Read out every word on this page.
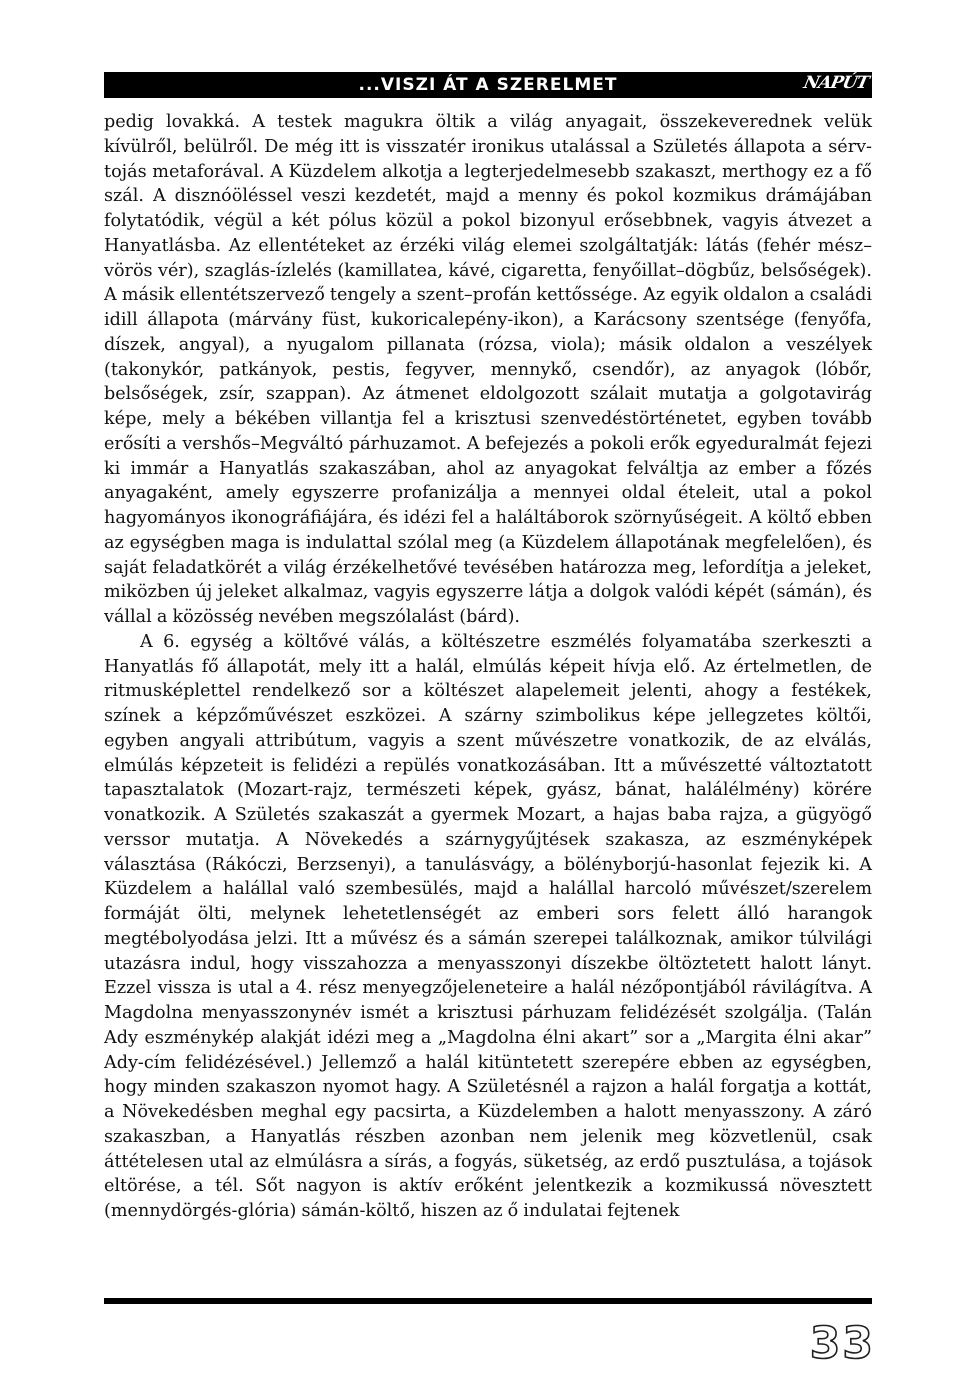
...VISZI ÁT A SZERELMET	NAPÚT

pedig lovakká. A testek magukra öltik a világ anyagait, összekeverednek velük kívülről, belülről. De még itt is visszatér ironikus utalással a Születés állapota a sérv-tojás metaforával. A Küzdelem alkotja a legterjedelmesebb szakaszt, merthogy ez a fő szál. A disznóöléssel veszi kezdetét, majd a menny és pokol kozmikus drámájában folytatódik, végül a két pólus közül a pokol bizonyul erősebbnek, vagyis átvezet a Hanyatlásba. Az ellentéteket az érzéki világ elemei szolgáltatják: látás (fehér mész–vörös vér), szaglás-ízlelés (kamillatea, kávé, cigaretta, fenyőillat–dögbűz, belsőségek). A másik ellentétszervező tengely a szent–profán kettőssége. Az egyik oldalon a családi idill állapota (márvány füst, kukoricalepény-ikon), a Karácsony szentsége (fenyőfa, díszek, angyal), a nyugalom pillanata (rózsa, viola); másik oldalon a veszélyek (takonykór, patkányok, pestis, fegyver, mennykő, csendőr), az anyagok (lóbőr, belsőségek, zsír, szappan). Az átmenet eldolgozott szálait mutatja a golgotavirág képe, mely a békében villantja fel a krisztusi szenvedéstörténetet, egyben tovább erősíti a vershős–Megváltó párhuzamot. A befejezés a pokoli erők egyeduralmát fejezi ki immár a Hanyatlás szakaszában, ahol az anyagokat felváltja az ember a főzés anyagaként, amely egyszerre profanizálja a mennyei oldal ételeit, utal a pokol hagyományos ikonográfiájára, és idézi fel a haláltáborok szörnyűségeit. A költő ebben az egységben maga is indulattal szólal meg (a Küzdelem állapotának megfelelően), és saját feladatkörét a világ érzékelhetővé tevésében határozza meg, lefordítja a jeleket, miközben új jeleket alkalmaz, vagyis egyszerre látja a dolgok valódi képét (sámán), és vállal a közösség nevében megszólalást (bárd).

A 6. egység a költővé válás, a költészetre eszmélés folyamatába szerkeszti a Hanyatlás fő állapotát, mely itt a halál, elmúlás képeit hívja elő. Az értelmetlen, de ritmusképlettel rendelkező sor a költészet alapelemeit jelenti, ahogy a festékek, színek a képzőművészet eszközei. A szárny szimbolikus képe jellegzetes költői, egyben angyali attribútum, vagyis a szent művészetre vonatkozik, de az elválás, elmúlás képzeteit is felidézi a repülés vonatkozásában. Itt a művészetté változtatott tapasztalatok (Mozart-rajz, természeti képek, gyász, bánat, halálélmény) körére vonatkozik. A Születés szakaszát a gyermek Mozart, a hajas baba rajza, a gügyögő verssor mutatja. A Növekedés a szárnygyűjtések szakasza, az eszményképek választása (Rákóczi, Berzsenyi), a tanulásvágy, a bölényborjú-hasonlat fejezik ki. A Küzdelem a halállal való szembesülés, majd a halállal harcoló művészet/szerelem formáját ölti, melynek lehetetlenségét az emberi sors felett álló harangok megtébolyodása jelzi. Itt a művész és a sámán szerepei találkoznak, amikor túlvilági utazásra indul, hogy visszahozza a menyasszonyi díszekbe öltöztetett halott lányt. Ezzel vissza is utal a 4. rész menyegzőjeleneteire a halál nézőpontjából rávilágítva. A Magdolna menyasszonynév ismét a krisztusi párhuzam felidézését szolgálja. (Talán Ady eszménykép alakját idézi meg a „Magdolna élni akart” sor a „Margita élni akar” Ady-cím felidézésével.) Jellemző a halál kitüntetett szerepére ebben az egységben, hogy minden szakaszon nyomot hagy. A Születésnél a rajzon a halál forgatja a kottát, a Növekedésben meghal egy pacsirta, a Küzdelemben a halott menyasszony. A záró szakaszban, a Hanyatlás részben azonban nem jelenik meg közvetlenül, csak áttételesen utal az elmúlásra a sírás, a fogyás, süketség, az erdő pusztulása, a tojások eltörése, a tél. Sőt nagyon is aktív erőként jelentkezik a kozmikussá növesztett (mennydörgés-glória) sámán-költő, hiszen az ő indulatai fejtenek

33
